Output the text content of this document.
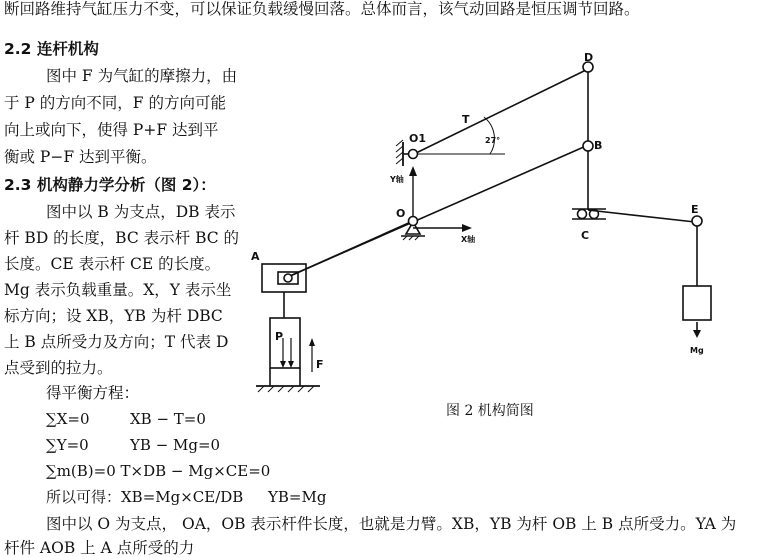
断回路维持气缸压力不变，可以保证负载缓慢回落。总体而言，该气动回路是恒压调节回路。
2.2 连杆机构
图中 F 为气缸的摩擦力，由
于 P 的方向不同，F 的方向可能
向上或向下，使得 P+F 达到平
衡或 P−F 达到平衡。
2.3 机构静力学分析（图 2）：
图中以 B 为支点，DB 表示
杆 BD 的长度，BC 表示杆 BC 的
长度。CE 表示杆 CE 的长度。
Mg 表示负载重量。X，Y 表示坐
标方向；设 XB，YB 为杆 DBC
上 B 点所受力及方向；T 代表 D
点受到的拉力。
得平衡方程：
∑X=0	XB − T=0
∑Y=0	YB − Mg=0
∑m(B)=0 T×DB − Mg×CE=0
所以可得：XB=Mg×CE/DB YB=Mg
图中以 O 为支点， OA，OB 表示杆件长度，也就是力臂。XB，YB 为杆 OB 上 B 点所受力。YA 为
杆件 AOB 上 A 点所受的力
D
O1
T
27°	B
Y轴
O
X轴
E
C
A
P
F
Mg
图 2 机构简图
